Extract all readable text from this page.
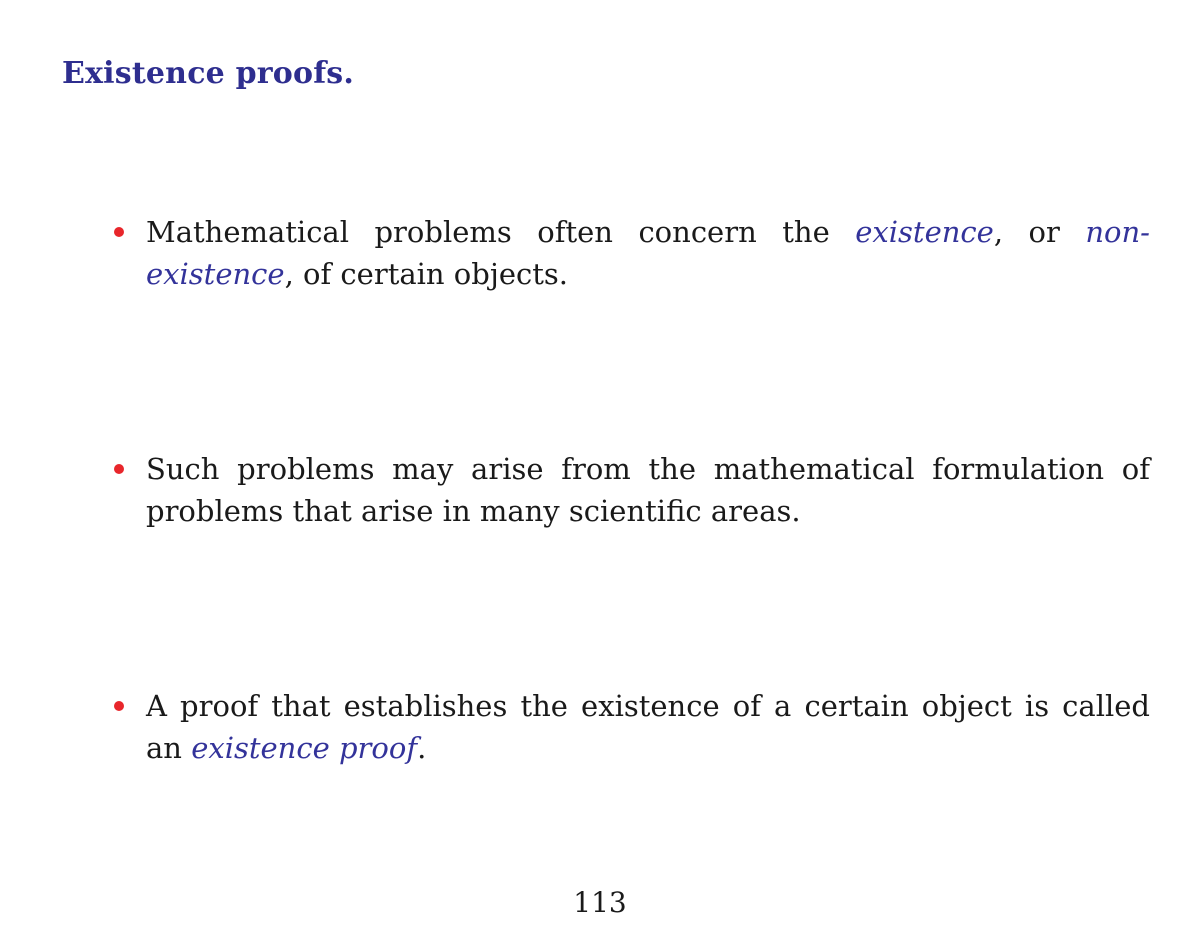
Existence proofs.
Mathematical problems often concern the existence, or non-existence, of certain objects.
Such problems may arise from the mathematical formulation of problems that arise in many scientific areas.
A proof that establishes the existence of a certain object is called an existence proof.
113
